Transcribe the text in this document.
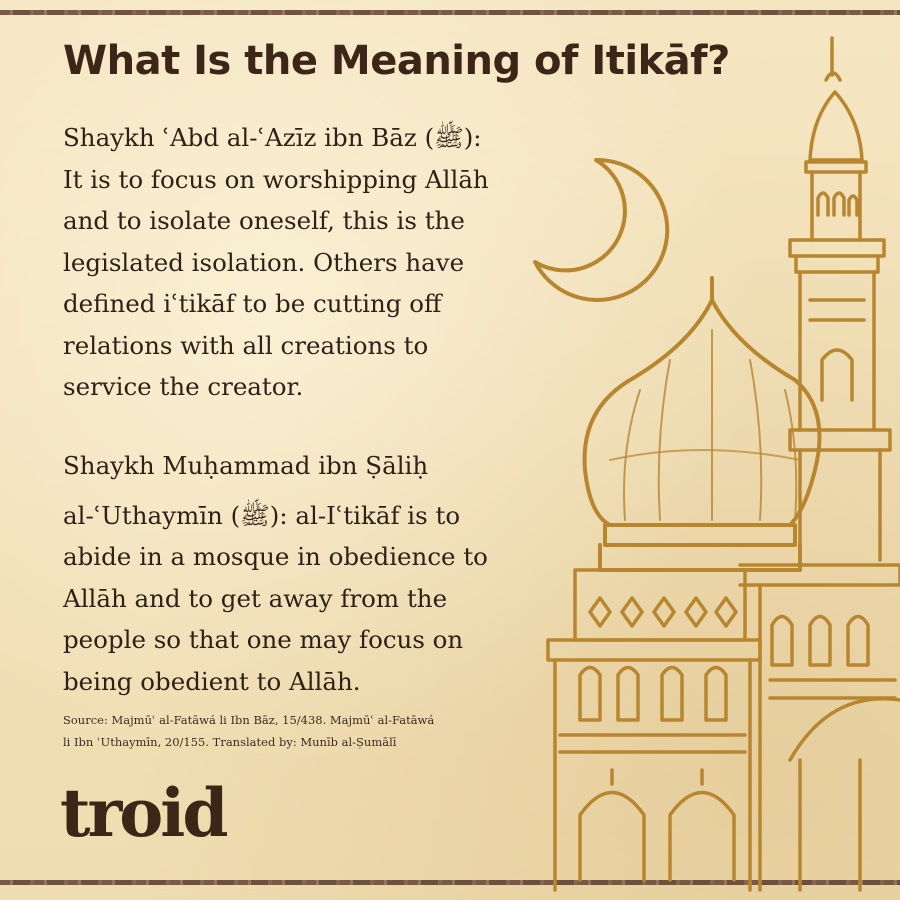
What Is the Meaning of Itikāf?
Shaykh ʿAbd al-ʿAzīz ibn Bāz (ﷺ):
It is to focus on worshipping Allāh
and to isolate oneself, this is the
legislated isolation. Others have
defined iʿtikāf to be cutting off
relations with all creations to
service the creator.
Shaykh Muḥammad ibn Ṣāliḥ
al-ʿUthaymīn (ﷺ): al-Iʿtikāf is to
abide in a mosque in obedience to
Allāh and to get away from the
people so that one may focus on
being obedient to Allāh.
Source: Majmūʿ al-Fatāwá li Ibn Bāz, 15/438. Majmūʿ al-Fatāwá
li Ibn ʿUthaymīn, 20/155. Translated by: Munīb al-Ṣumālī
troid
